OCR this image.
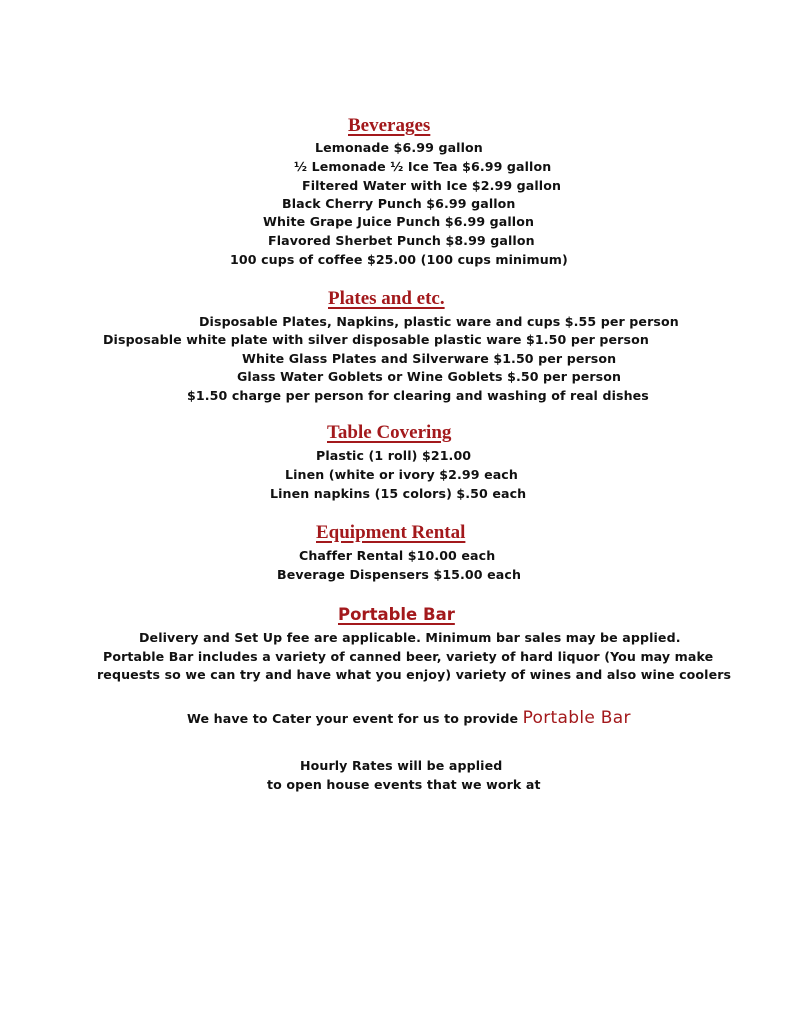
Beverages
Lemonade $6.99 gallon
½ Lemonade ½ Ice Tea $6.99 gallon
Filtered Water with Ice $2.99 gallon
Black Cherry Punch $6.99 gallon
White Grape Juice Punch $6.99 gallon
Flavored Sherbet Punch $8.99 gallon
100 cups of coffee $25.00 (100 cups minimum)
Plates and etc.
Disposable Plates, Napkins, plastic ware and cups $.55 per person
Disposable white plate with silver disposable plastic ware $1.50 per person
White Glass Plates and Silverware $1.50 per person
Glass Water Goblets or Wine Goblets $.50 per person
$1.50 charge per person for clearing and washing of real dishes
Table Covering
Plastic (1 roll) $21.00
Linen (white or ivory $2.99 each
Linen napkins (15 colors) $.50 each
Equipment Rental
Chaffer Rental $10.00 each
Beverage Dispensers $15.00 each
Portable Bar
Delivery and Set Up fee are applicable. Minimum bar sales may be applied.
Portable Bar includes a variety of canned beer, variety of hard liquor (You may make
requests so we can try and have what you enjoy) variety of wines and also wine coolers
We have to Cater your event for us to provide Portable Bar
Hourly Rates will be applied
to open house events that we work at
